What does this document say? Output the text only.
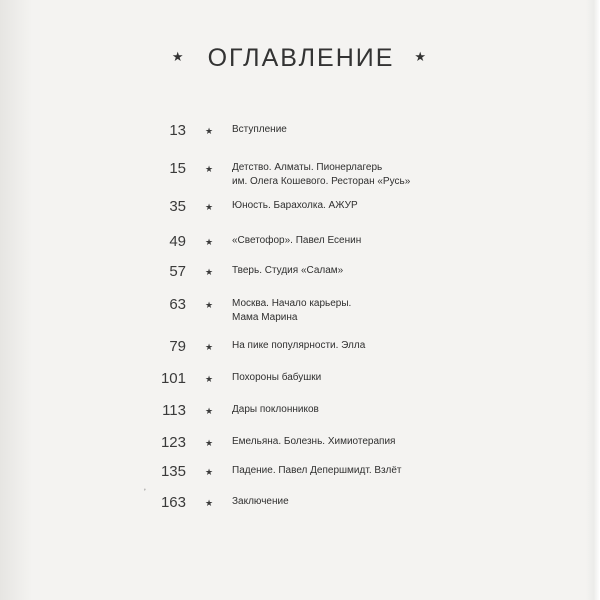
★ ОГЛАВЛЕНИЕ ★
13 ★ Вступление
15 ★ Детство. Алматы. Пионерлагерь
им. Олега Кошевого. Ресторан «Русь»
35 ★ Юность. Барахолка. АЖУР
49 ★ «Светофор». Павел Есенин
57 ★ Тверь. Студия «Салам»
63 ★ Москва. Начало карьеры.
Мама Марина
79 ★ На пике популярности. Элла
101 ★ Похороны бабушки
113 ★ Дары поклонников
123 ★ Емельяна. Болезнь. Химиотерапия
135 ★ Падение. Павел Депершмидт. Взлёт
163 ★ Заключение
ʼ
